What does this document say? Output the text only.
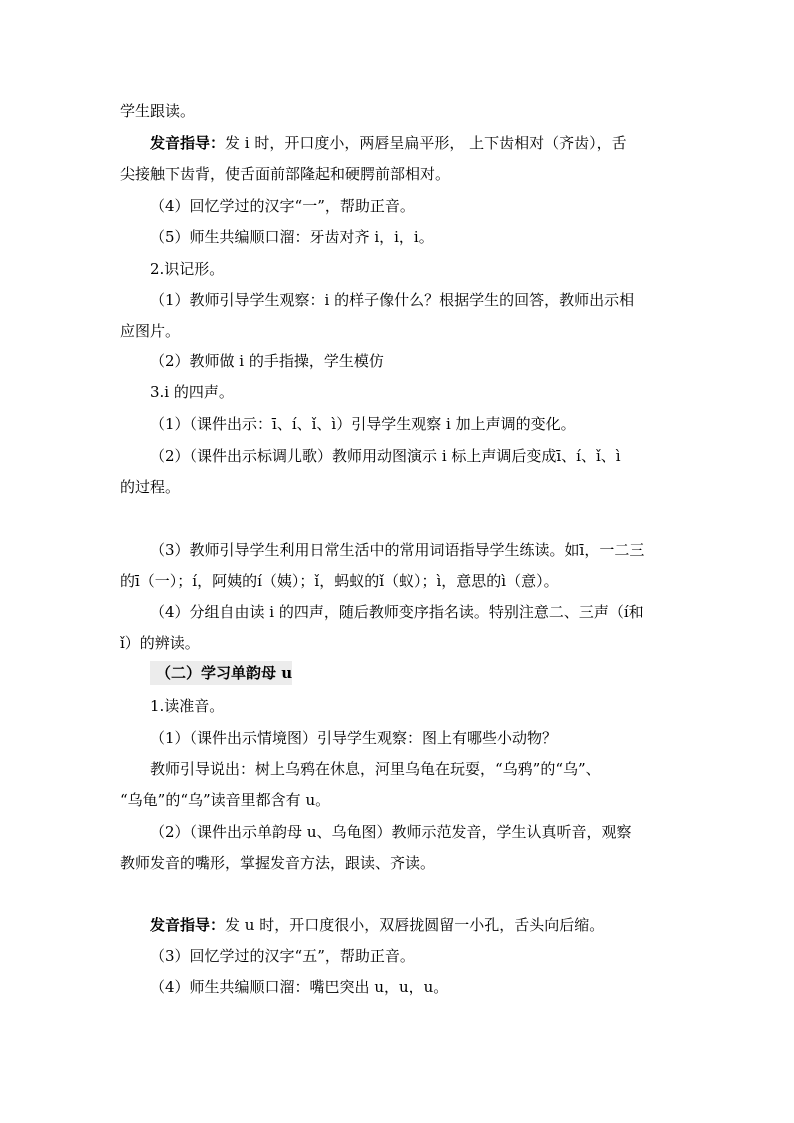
学生跟读。
发音指导：发 i 时，开口度小，两唇呈扁平形， 上下齿相对（齐齿），舌
尖接触下齿背，使舌面前部隆起和硬腭前部相对。
（4）回忆学过的汉字“一”，帮助正音。
（5）师生共编顺口溜：牙齿对齐 i，i，i。
2.识记形。
（1）教师引导学生观察：i 的样子像什么？根据学生的回答，教师出示相
应图片。
（2）教师做 i 的手指操，学生模仿
3.i 的四声。
（1）（课件出示：ī、í、ǐ、ì）引导学生观察 i 加上声调的变化。
（2）（课件出示标调儿歌）教师用动图演示 i 标上声调后变成ī、í、ǐ、ì
的过程。
（3）教师引导学生利用日常生活中的常用词语指导学生练读。如ī，一二三
的ī（一）；í，阿姨的í（姨）；ǐ，蚂蚁的ǐ（蚁）；ì，意思的ì（意）。
（4）分组自由读 i 的四声，随后教师变序指名读。特别注意二、三声（í和
ǐ）的辨读。
（二）学习单韵母 u
1.读准音。
（1）（课件出示情境图）引导学生观察：图上有哪些小动物？
教师引导说出：树上乌鸦在休息，河里乌龟在玩耍，“乌鸦”的“乌”、
“乌龟”的“乌”读音里都含有 u。
（2）（课件出示单韵母 u、乌龟图）教师示范发音，学生认真听音，观察
教师发音的嘴形，掌握发音方法，跟读、齐读。
发音指导：发 u 时，开口度很小，双唇拢圆留一小孔，舌头向后缩。
（3）回忆学过的汉字“五”，帮助正音。
（4）师生共编顺口溜：嘴巴突出 u，u，u。
